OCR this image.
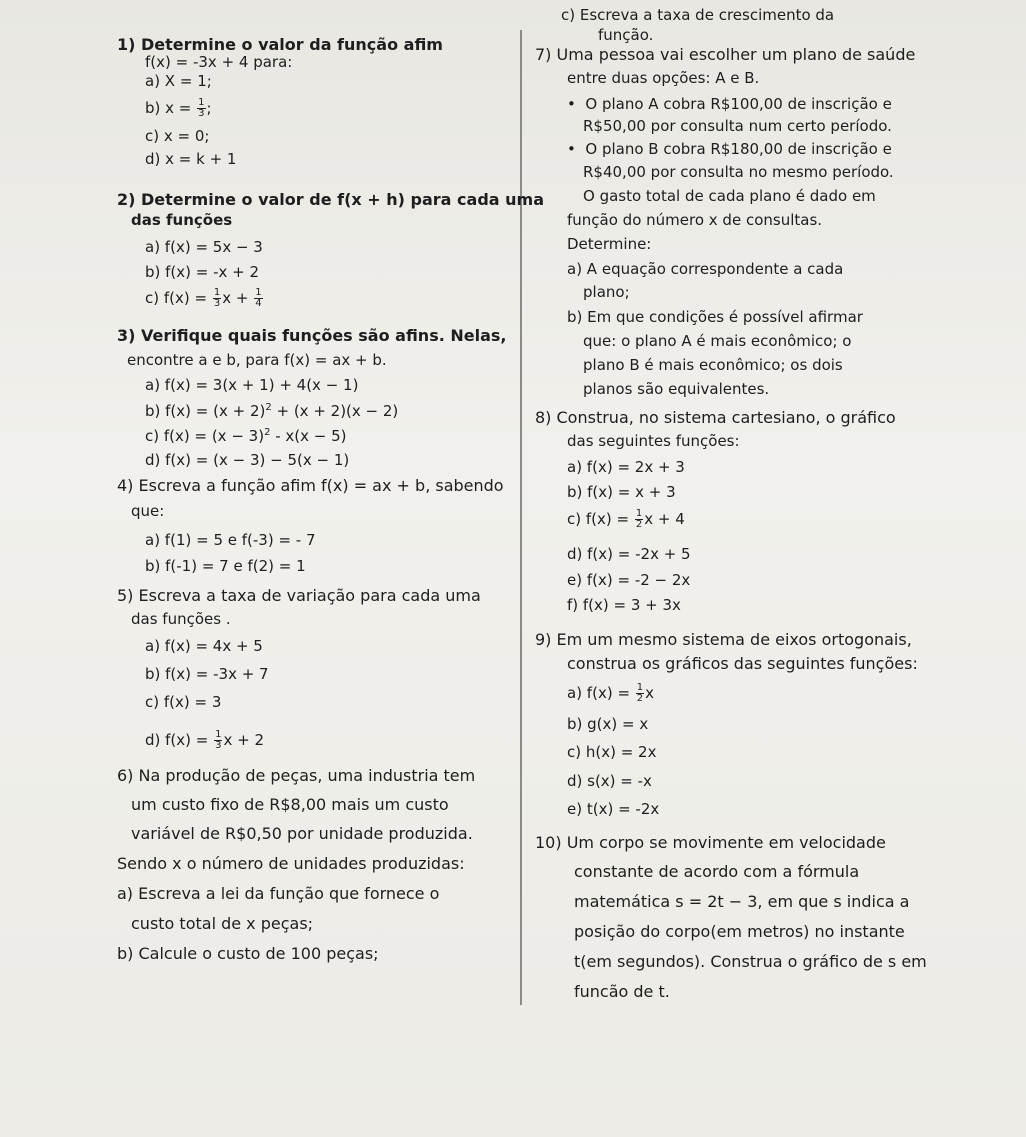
1) Determine o valor da função afim
f(x) = -3x + 4 para:
a) X = 1;
b) $x = \frac{1}{3}$ ;
c) x = 0;
d) x = k + 1
2) Determine o valor de f(x + h) para cada uma
das funções
a) f(x) = 5x − 3
b) f(x) = -x + 2
c) $f(x) = \frac{1}{3}$ $x + \frac{1}{4}$
3) Verifique quais funções são afins. Nelas,
encontre a e b, para f(x) = ax + b.
a) f(x) = 3(x + 1) + 4(x − 1)
b) $f(x) = (x + 2)^2 + (x + 2)(x - 2)$
c) $f(x) = (x - 3)^2 - x(x - 5)$
d) f(x) = (x − 3) − 5(x − 1)
4) Escreva a função afim f(x) = ax + b, sabendo
que:
a) f(1) = 5 e f(-3) = - 7
b) f(-1) = 7 e f(2) = 1
5) Escreva a taxa de variação para cada uma
das funções .
a) f(x) = 4x + 5
b) f(x) = -3x + 7
c) f(x) = 3
d) $f(x) = \frac{1}{3}$ x + 2
6) Na produção de peças, uma industria tem
um custo fixo de R$8,00 mais um custo
variável de R$0,50 por unidade produzida.
Sendo x o número de unidades produzidas:
a) Escreva a lei da função que fornece o
custo total de x peças;
b) Calcule o custo de 100 peças;
c) Escreva a taxa de crescimento da
função.
7) Uma pessoa vai escolher um plano de saúde
entre duas opções: A e B.
•  O plano A cobra R$100,00 de inscrição e
R$50,00 por consulta num certo período.
•  O plano B cobra R$180,00 de inscrição e
R$40,00 por consulta no mesmo período.
O gasto total de cada plano é dado em
função do número x de consultas.
Determine:
a) A equação correspondente a cada
plano;
b) Em que condições é possível afirmar
que: o plano A é mais econômico; o
plano B é mais econômico; os dois
planos são equivalentes.
8) Construa, no sistema cartesiano, o gráfico
das seguintes funções:
a) f(x) = 2x + 3
b) f(x) = x + 3
c) $f(x) = \frac{1}{2}$ x + 4
d) f(x) = -2x + 5
e) f(x) = -2 − 2x
f) f(x) = 3 + 3x
9) Em um mesmo sistema de eixos ortogonais,
construa os gráficos das seguintes funções:
a) $f(x) = \frac{1}{2}$ x
b) g(x) = x
c) h(x) = 2x
d) s(x) = -x
e) t(x) = -2x
10) Um corpo se movimente em velocidade
constante de acordo com a fórmula
matemática s = 2t − 3, em que s indica a
posição do corpo(em metros) no instante
t(em segundos). Construa o gráfico de s em
funcão de t.
